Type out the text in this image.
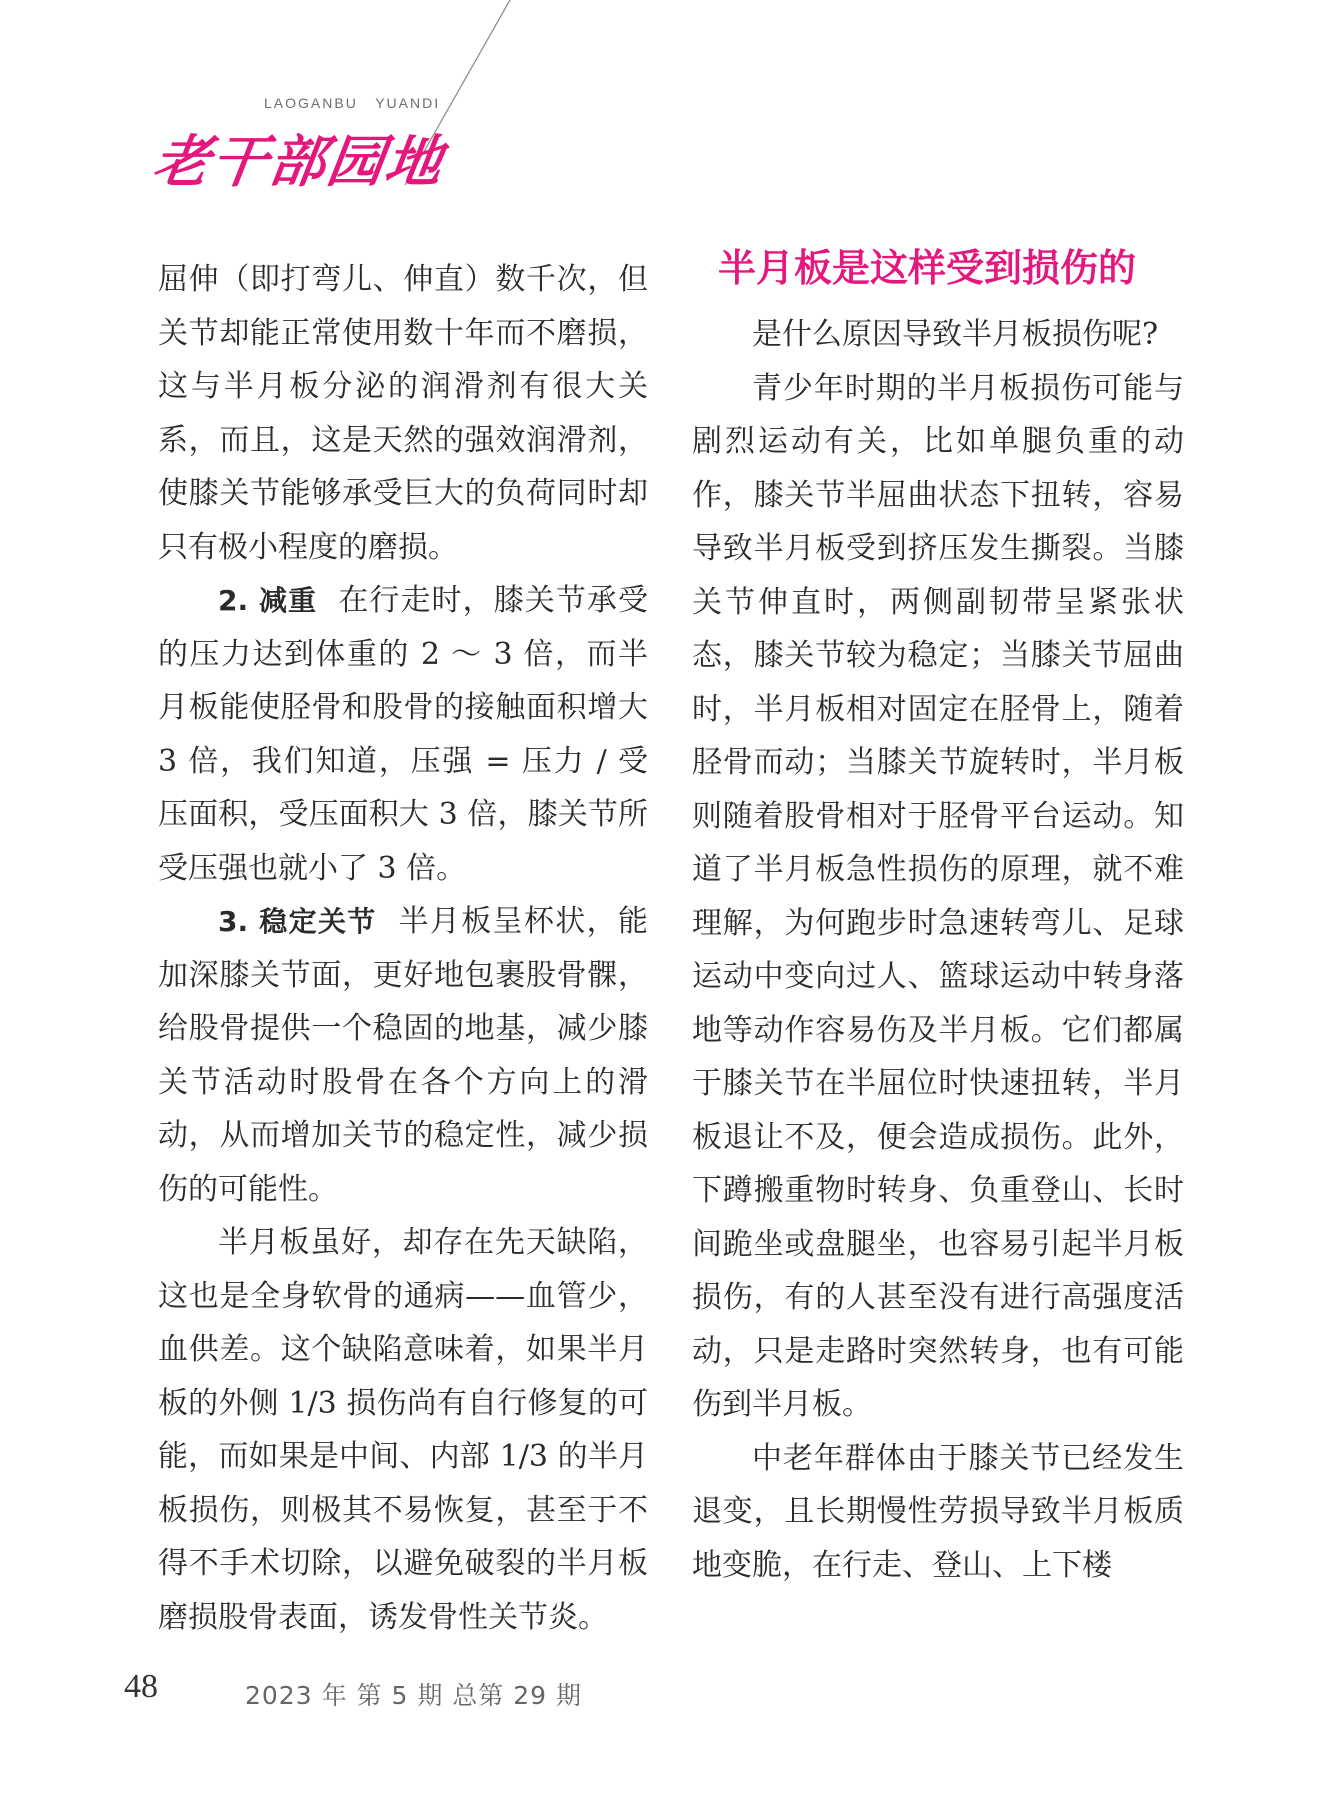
LAOGANBU   YUANDI
老干部园地

屈伸（即打弯儿、伸直）数千次，但关节却能正常使用数十年而不磨损，这与半月板分泌的润滑剂有很大关系，而且，这是天然的强效润滑剂，使膝关节能够承受巨大的负荷同时却只有极小程度的磨损。

2. 减重 在行走时，膝关节承受的压力达到体重的 2 ～ 3 倍，而半月板能使胫骨和股骨的接触面积增大 3 倍，我们知道，压强 = 压力 / 受压面积，受压面积大 3 倍，膝关节所受压强也就小了 3 倍。

3. 稳定关节 半月板呈杯状，能加深膝关节面，更好地包裹股骨髁，给股骨提供一个稳固的地基，减少膝关节活动时股骨在各个方向上的滑动，从而增加关节的稳定性，减少损伤的可能性。

半月板虽好，却存在先天缺陷，这也是全身软骨的通病——血管少，血供差。这个缺陷意味着，如果半月板的外侧 1/3 损伤尚有自行修复的可能，而如果是中间、内部 1/3 的半月板损伤，则极其不易恢复，甚至于不得不手术切除，以避免破裂的半月板磨损股骨表面，诱发骨性关节炎。

半月板是这样受到损伤的

是什么原因导致半月板损伤呢?

青少年时期的半月板损伤可能与剧烈运动有关，比如单腿负重的动作，膝关节半屈曲状态下扭转，容易导致半月板受到挤压发生撕裂。当膝关节伸直时，两侧副韧带呈紧张状态，膝关节较为稳定；当膝关节屈曲时，半月板相对固定在胫骨上，随着胫骨而动；当膝关节旋转时，半月板则随着股骨相对于胫骨平台运动。知道了半月板急性损伤的原理，就不难理解，为何跑步时急速转弯儿、足球运动中变向过人、篮球运动中转身落地等动作容易伤及半月板。它们都属于膝关节在半屈位时快速扭转，半月板退让不及，便会造成损伤。此外，下蹲搬重物时转身、负重登山、长时间跪坐或盘腿坐，也容易引起半月板损伤，有的人甚至没有进行高强度活动，只是走路时突然转身，也有可能伤到半月板。

中老年群体由于膝关节已经发生退变，且长期慢性劳损导致半月板质地变脆，在行走、登山、上下楼

48	2023 年 第 5 期 总第 29 期
